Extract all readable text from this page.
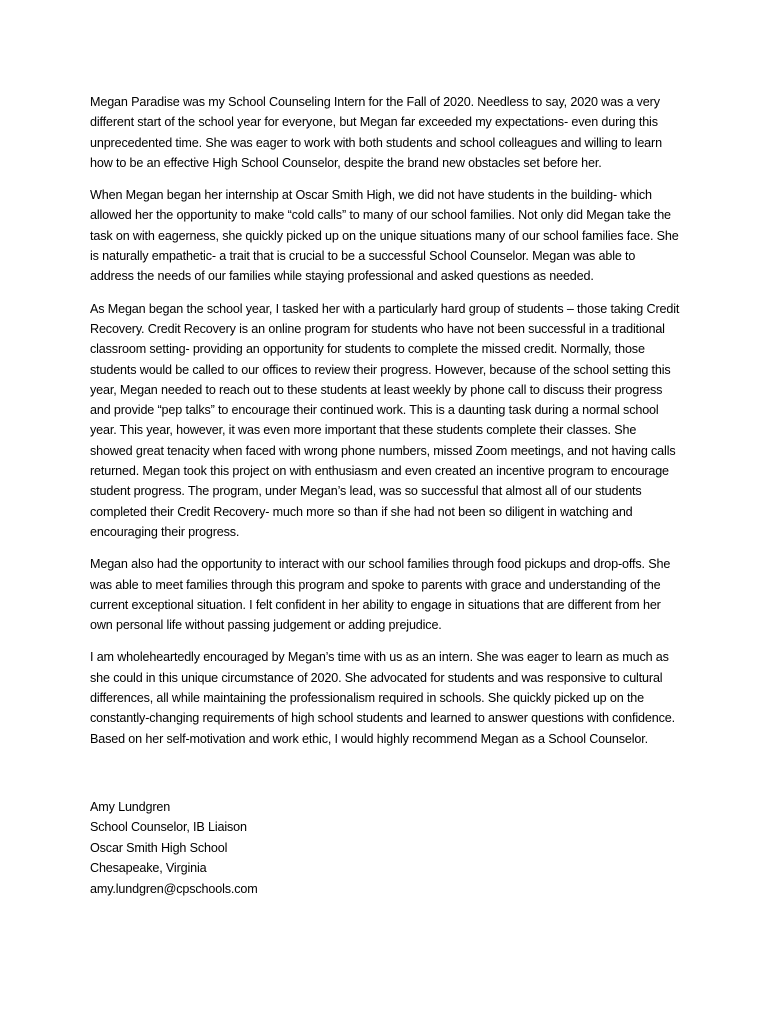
Megan Paradise was my School Counseling Intern for the Fall of 2020. Needless to say, 2020 was a very different start of the school year for everyone, but Megan far exceeded my expectations- even during this unprecedented time. She was eager to work with both students and school colleagues and willing to learn how to be an effective High School Counselor, despite the brand new obstacles set before her.

When Megan began her internship at Oscar Smith High, we did not have students in the building- which allowed her the opportunity to make “cold calls” to many of our school families. Not only did Megan take the task on with eagerness, she quickly picked up on the unique situations many of our school families face. She is naturally empathetic- a trait that is crucial to be a successful School Counselor. Megan was able to address the needs of our families while staying professional and asked questions as needed.

As Megan began the school year, I tasked her with a particularly hard group of students – those taking Credit Recovery. Credit Recovery is an online program for students who have not been successful in a traditional classroom setting- providing an opportunity for students to complete the missed credit. Normally, those students would be called to our offices to review their progress. However, because of the school setting this year, Megan needed to reach out to these students at least weekly by phone call to discuss their progress and provide “pep talks” to encourage their continued work. This is a daunting task during a normal school year. This year, however, it was even more important that these students complete their classes. She showed great tenacity when faced with wrong phone numbers, missed Zoom meetings, and not having calls returned. Megan took this project on with enthusiasm and even created an incentive program to encourage student progress. The program, under Megan’s lead, was so successful that almost all of our students completed their Credit Recovery- much more so than if she had not been so diligent in watching and encouraging their progress.

Megan also had the opportunity to interact with our school families through food pickups and drop-offs. She was able to meet families through this program and spoke to parents with grace and understanding of the current exceptional situation. I felt confident in her ability to engage in situations that are different from her own personal life without passing judgement or adding prejudice.

I am wholeheartedly encouraged by Megan’s time with us as an intern. She was eager to learn as much as she could in this unique circumstance of 2020. She advocated for students and was responsive to cultural differences, all while maintaining the professionalism required in schools. She quickly picked up on the constantly-changing requirements of high school students and learned to answer questions with confidence. Based on her self-motivation and work ethic, I would highly recommend Megan as a School Counselor.

Amy Lundgren
School Counselor, IB Liaison
Oscar Smith High School
Chesapeake, Virginia
amy.lundgren@cpschools.com
